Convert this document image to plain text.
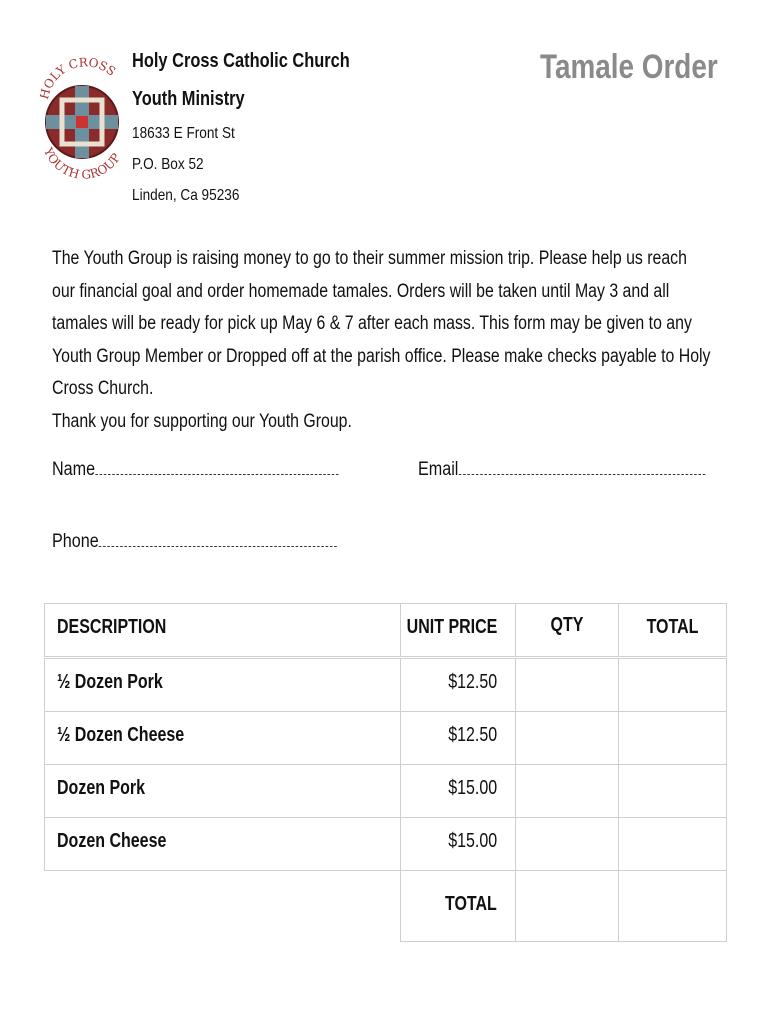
OLY CROSS
YOUTH GROUP
Holy Cross Catholic Church
Youth Ministry
18633 E Front St
P.O. Box 52
Linden, Ca 95236
Tamale Order

The Youth Group is raising money to go to their summer mission trip. Please help us reach

our financial goal and order homemade tamales. Orders will be taken until May 3 and all

tamales will be ready for pick up May 6 & 7 after each mass. This form may be given to any

Youth Group Member or Dropped off at the parish office. Please make checks payable to Holy

Cross Church.

Thank you for supporting our Youth Group.

Name	Email
Phone
DESCRIPTION	UNIT PRICE	QTY	TOTAL

½ Dozen Pork	$12.50		

½ Dozen Cheese	$12.50		

Dozen Pork	$15.00		

Dozen Cheese	$15.00		

	TOTAL		
